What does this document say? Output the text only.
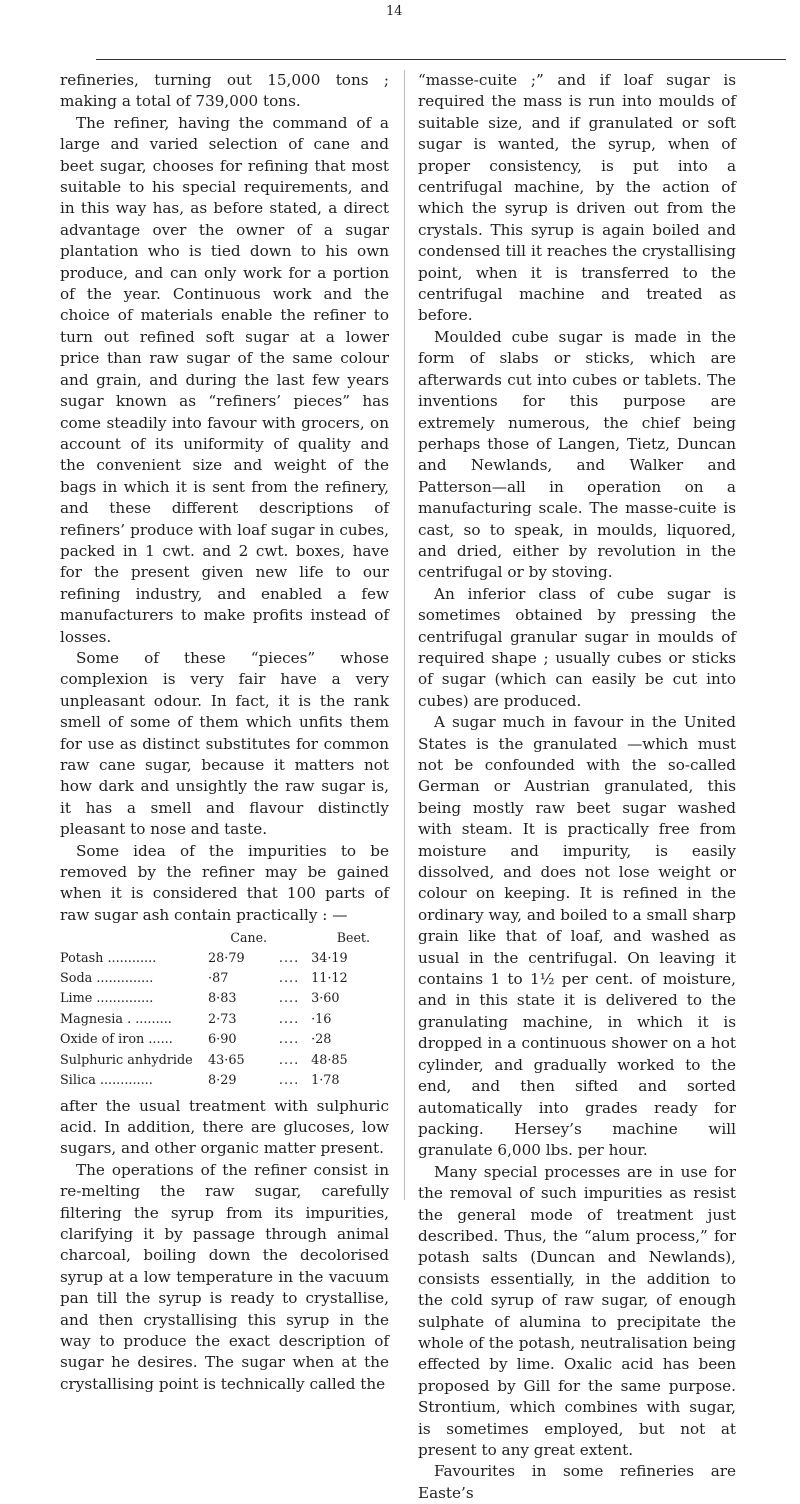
14

refineries, turning out 15,000 tons ; making a total of 739,000 tons.

The refiner, having the command of a large and varied selection of cane and beet sugar, chooses for refining that most suitable to his special requirements, and in this way has, as before stated, a direct advantage over the owner of a sugar plantation who is tied down to his own produce, and can only work for a portion of the year. Continuous work and the choice of materials enable the refiner to turn out refined soft sugar at a lower price than raw sugar of the same colour and grain, and during the last few years sugar known as “refiners’ pieces” has come steadily into favour with grocers, on account of its uniformity of quality and the convenient size and weight of the bags in which it is sent from the refinery, and these different descriptions of refiners’ produce with loaf sugar in cubes, packed in 1 cwt. and 2 cwt. boxes, have for the present given new life to our refining industry, and enabled a few manufacturers to make profits instead of losses.

Some of these “pieces” whose complexion is very fair have a very unpleasant odour. In fact, it is the rank smell of some of them which unfits them for use as distinct substitutes for common raw cane sugar, because it matters not how dark and unsightly the raw sugar is, it has a smell and flavour distinctly pleasant to nose and taste.

Some idea of the impurities to be removed by the refiner may be gained when it is considered that 100 parts of raw sugar ash contain practically : —

	Cane.		Beet.
Potash ............	28·79	....	34·19
Soda ..............	·87	....	11·12
Lime ..............	8·83	....	3·60
Magnesia . .........	2·73	....	·16
Oxide of iron ......	6·90	....	·28
Sulphuric anhydride	43·65	....	48·85
Silica .............	8·29	....	1·78

after the usual treatment with sulphuric acid. In addition, there are glucoses, low sugars, and other organic matter present.

The operations of the refiner consist in re-melting the raw sugar, carefully filtering the syrup from its impurities, clarifying it by passage through animal charcoal, boiling down the decolorised syrup at a low temperature in the vacuum pan till the syrup is ready to crystallise, and then crystallising this syrup in the way to produce the exact description of sugar he desires. The sugar when at the crystallising point is technically called the

“masse-cuite ;” and if loaf sugar is required the mass is run into moulds of suitable size, and if granulated or soft sugar is wanted, the syrup, when of proper consistency, is put into a centrifugal machine, by the action of which the syrup is driven out from the crystals. This syrup is again boiled and condensed till it reaches the crystallising point, when it is transferred to the centrifugal machine and treated as before.

Moulded cube sugar is made in the form of slabs or sticks, which are afterwards cut into cubes or tablets. The inventions for this purpose are extremely numerous, the chief being perhaps those of Langen, Tietz, Duncan and Newlands, and Walker and Patterson—all in operation on a manufacturing scale. The masse-cuite is cast, so to speak, in moulds, liquored, and dried, either by revolution in the centrifugal or by stoving.

An inferior class of cube sugar is sometimes obtained by pressing the centrifugal granular sugar in moulds of required shape ; usually cubes or sticks of sugar (which can easily be cut into cubes) are produced.

A sugar much in favour in the United States is the granulated —which must not be confounded with the so-called German or Austrian granulated, this being mostly raw beet sugar washed with steam. It is practically free from moisture and impurity, is easily dissolved, and does not lose weight or colour on keeping. It is refined in the ordinary way, and boiled to a small sharp grain like that of loaf, and washed as usual in the centrifugal. On leaving it contains 1 to 1½ per cent. of moisture, and in this state it is delivered to the granulating machine, in which it is dropped in a continuous shower on a hot cylinder, and gradually worked to the end, and then sifted and sorted automatically into grades ready for packing. Hersey’s machine will granulate 6,000 lbs. per hour.

Many special processes are in use for the removal of such impurities as resist the general mode of treatment just described. Thus, the “alum process,” for potash salts (Duncan and Newlands), consists essentially, in the addition to the cold syrup of raw sugar, of enough sulphate of alumina to precipitate the whole of the potash, neutralisation being effected by lime. Oxalic acid has been proposed by Gill for the same purpose. Strontium, which combines with sugar, is sometimes employed, but not at present to any great extent.

Favourites in some refineries are Easte’s
